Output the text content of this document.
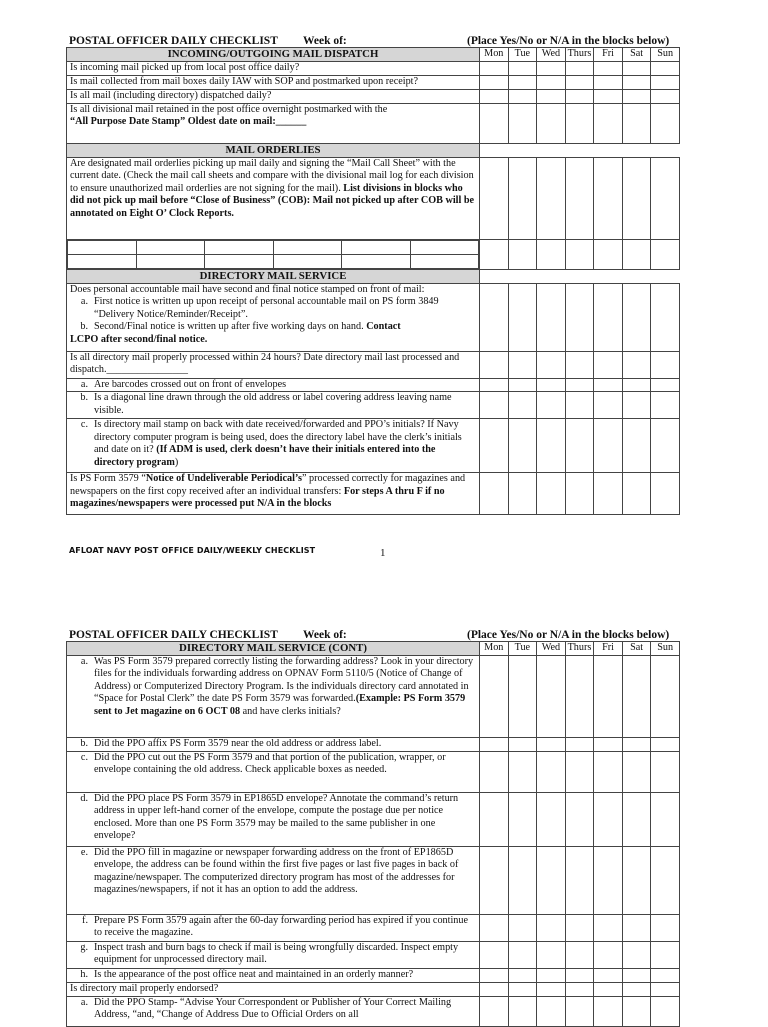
POSTAL OFFICER DAILY CHECKLIST Week of:	(Place Yes/No or N/A in the blocks below)
INCOMING/OUTGOING MAIL DISPATCH	Mon	Tue	Wed	Thurs	Fri	Sat	Sun
Is incoming mail picked up from local post office daily?							
Is mail collected from mail boxes daily IAW with SOP and postmarked upon receipt?							
Is all mail (including directory) dispatched daily?							

Is all divisional mail retained in the post office overnight postmarked with the
“All Purpose Date Stamp” Oldest date on mail:______

MAIL ORDERLIES
Are designated mail orderlies picking up mail daily and signing the “Mail Call Sheet” with the current date. (Check the mail call sheets and compare with the divisional mail log for each division to ensure unauthorized mail orderlies are not signing for the mail). List divisions in blocks who did not pick up mail before “Close of Business” (COB): Mail not picked up after COB will be annotated on Eight O’ Clock Reports.							

DIRECTORY MAIL SERVICE

Does personal accountable mail have second and final notice stamped on front of mail:
a. First notice is written up upon receipt of personal accountable mail on PS form 3849 “Delivery Notice/Reminder/Receipt”.
b. Second/Final notice is written up after five working days on hand. Contact
LCPO after second/final notice.

Is all directory mail properly processed within 24 hours? Date directory mail last processed and dispatch.________________							

a. Are barcodes crossed out on front of envelopes

b. Is a diagonal line drawn through the old address or label covering address leaving name visible.

c. Is directory mail stamp on back with date received/forwarded and PPO’s initials? If Navy directory computer program is being used, does the directory label have the clerk’s initials and date on it? (If ADM is used, clerk doesn’t have their initials entered into the directory program)

Is PS Form 3579 “Notice of Undeliverable Periodical’s” processed correctly for magazines and newspapers on the first copy received after an individual transfers: For steps A thru F if no magazines/newspapers were processed put N/A in the blocks							
AFLOAT NAVY POST OFFICE DAILY/WEEKLY CHECKLIST	1
POSTAL OFFICER DAILY CHECKLIST Week of:	(Place Yes/No or N/A in the blocks below)
DIRECTORY MAIL SERVICE (CONT)	Mon	Tue	Wed	Thurs	Fri	Sat	Sun

a. Was PS Form 3579 prepared correctly listing the forwarding address? Look in your directory files for the individuals forwarding address on OPNAV Form 5110/5 (Notice of Change of Address) or Computerized Directory Program. Is the individuals directory card annotated in “Space for Postal Clerk” the date PS Form 3579 was forwarded.(Example: PS Form 3579 sent to Jet magazine on 6 OCT 08 and have clerks initials?							

b. Did the PPO affix PS Form 3579 near the old address or address label.							

c. Did the PPO cut out the PS Form 3579 and that portion of the publication, wrapper, or envelope containing the old address. Check applicable boxes as needed.							

d. Did the PPO place PS Form 3579 in EP1865D envelope? Annotate the command’s return address in upper left-hand corner of the envelope, compute the postage due per notice enclosed. More than one PS Form 3579 may be mailed to the same publisher in one envelope?							

e. Did the PPO fill in magazine or newspaper forwarding address on the front of EP1865D envelope, the address can be found within the first five pages or last five pages in back of magazine/newspaper. The computerized directory program has most of the addresses for magazines/newspapers, if not it has an option to add the address.							

f. Prepare PS Form 3579 again after the 60-day forwarding period has expired if you continue to receive the magazine.							

g. Inspect trash and burn bags to check if mail is being wrongfully discarded. Inspect empty equipment for unprocessed directory mail.							

h. Is the appearance of the post office neat and maintained in an orderly manner?							

Is directory mail properly endorsed?							

a. Did the PPO Stamp- “Advise Your Correspondent or Publisher of Your Correct Mailing Address, “and, “Change of Address Due to Official Orders on all							
